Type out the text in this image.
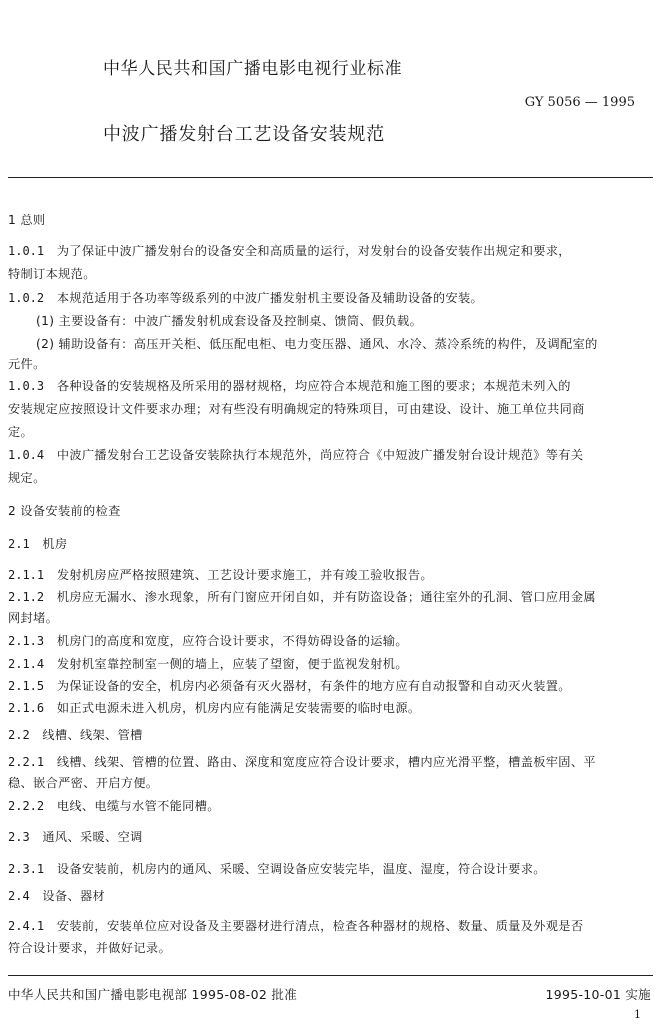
中华人民共和国广播电影电视行业标准
GY 5056 — 1995
中波广播发射台工艺设备安装规范
1 总则
1.0.1 为了保证中波广播发射台的设备安全和高质量的运行，对发射台的设备安装作出规定和要求，
特制订本规范。
1.0.2 本规范适用于各功率等级系列的中波广播发射机主要设备及辅助设备的安装。
(1) 主要设备有：中波广播发射机成套设备及控制桌、馈筒、假负载。
(2) 辅助设备有：高压开关柜、低压配电柜、电力变压器、通风、水冷、蒸冷系统的构件，及调配室的
元件。
1.0.3 各种设备的安装规格及所采用的器材规格，均应符合本规范和施工图的要求；本规范未列入的
安装规定应按照设计文件要求办理；对有些没有明确规定的特殊项目，可由建设、设计、施工单位共同商
定。
1.0.4 中波广播发射台工艺设备安装除执行本规范外，尚应符合《中短波广播发射台设计规范》等有关
规定。
2 设备安装前的检查
2.1 机房
2.1.1 发射机房应严格按照建筑、工艺设计要求施工，并有竣工验收报告。
2.1.2 机房应无漏水、渗水现象，所有门窗应开闭自如，并有防盗设备；通往室外的孔洞、管口应用金属
网封堵。
2.1.3 机房门的高度和宽度，应符合设计要求，不得妨碍设备的运输。
2.1.4 发射机室靠控制室一侧的墙上，应装了望窗，便于监视发射机。
2.1.5 为保证设备的安全，机房内必须备有灭火器材，有条件的地方应有自动报警和自动灭火装置。
2.1.6 如正式电源未进入机房，机房内应有能满足安装需要的临时电源。
2.2 线槽、线架、管槽
2.2.1 线槽、线架、管槽的位置、路由、深度和宽度应符合设计要求，槽内应光滑平整，槽盖板牢固、平
稳、嵌合严密、开启方便。
2.2.2 电线、电缆与水管不能同槽。
2.3 通风、采暖、空调
2.3.1 设备安装前，机房内的通风、采暖、空调设备应安装完毕，温度、湿度，符合设计要求。
2.4 设备、器材
2.4.1 安装前，安装单位应对设备及主要器材进行清点，检查各种器材的规格、数量、质量及外观是否
符合设计要求，并做好记录。
中华人民共和国广播电影电视部 1995-08-02 批准	1995-10-01 实施
1
